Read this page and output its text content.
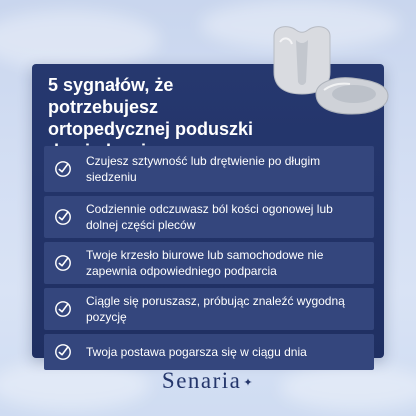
5 sygnałów, że potrzebujesz ortopedycznej poduszki
Czujesz sztywność lub drętwienie po długim siedzeniu
Codziennie odczuwasz ból kości ogonowej lub dolnej części pleców
Twoje krzesło biurowe lub samochodowe nie zapewnia odpowiedniego podparcia
Ciągle się poruszasz, próbując znaleźć wygodną pozycję
Twoja postawa pogarsza się w ciągu dnia
Senaria ✦
